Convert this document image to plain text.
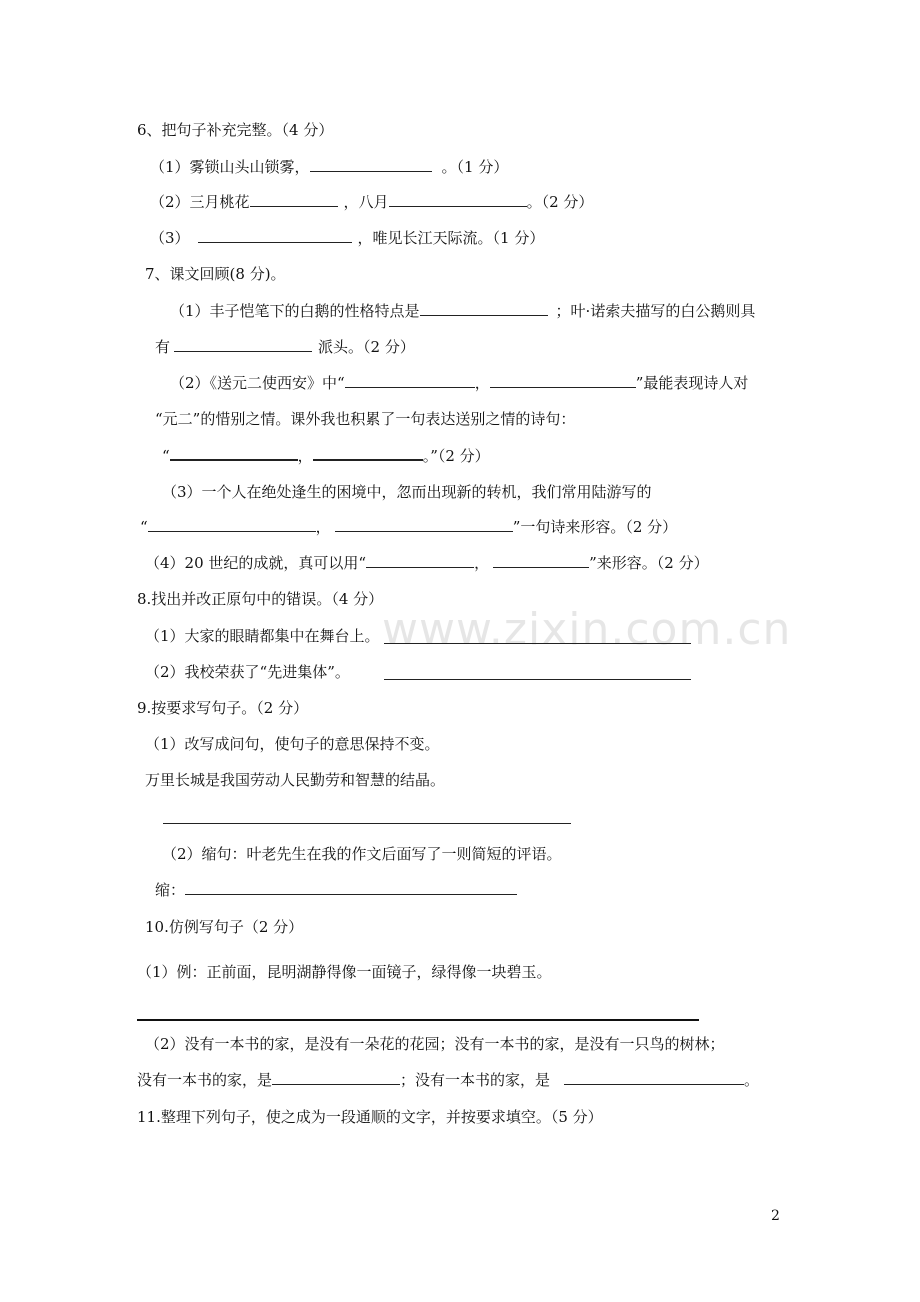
www.zixin.com.cn
6、把句子补充完整。（4 分）
（1）雾锁山头山锁雾，	。（1 分）
（2）三月桃花	，八月	。（2 分）
（3）	，唯见长江天际流。（1 分）
7、课文回顾(8 分)。
（1）丰子恺笔下的白鹅的性格特点是	；叶·诺索夫描写的白公鹅则具
有	派头。（2 分）
（2）《送元二使西安》中“	，	”最能表现诗人对
“元二”的惜别之情。课外我也积累了一句表达送别之情的诗句：
“	，	。”（2 分）
（3）一个人在绝处逢生的困境中，忽而出现新的转机，我们常用陆游写的
“	，	”一句诗来形容。（2 分）
（4）20 世纪的成就，真可以用“	，	”来形容。（2 分）
8.找出并改正原句中的错误。（4 分）
（1）大家的眼睛都集中在舞台上。
（2）我校荣获了“先进集体”。
9.按要求写句子。（2 分）
（1）改写成问句，使句子的意思保持不变。
万里长城是我国劳动人民勤劳和智慧的结晶。
（2）缩句：叶老先生在我的作文后面写了一则简短的评语。
缩：
10.仿例写句子（2 分）
（1）例：正前面，昆明湖静得像一面镜子，绿得像一块碧玉。
（2）没有一本书的家，是没有一朵花的花园；没有一本书的家，是没有一只鸟的树林；
没有一本书的家，是	；没有一本书的家，是	。
11.整理下列句子，使之成为一段通顺的文字，并按要求填空。（5 分）
2
